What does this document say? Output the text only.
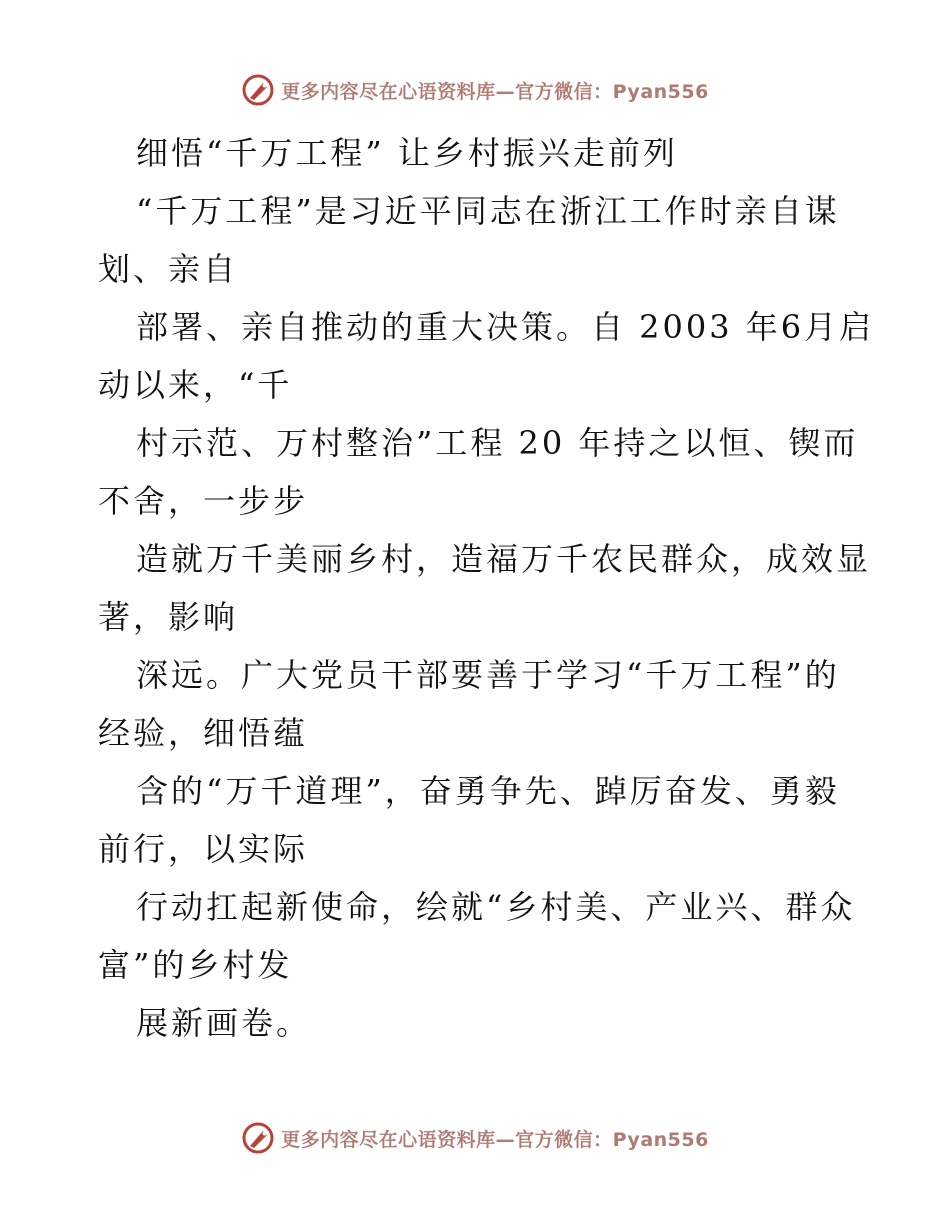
更多内容尽在心语资料库—官方微信：Pyan556
细悟“千万工程” 让乡村振兴走前列
“千万工程”是习近平同志在浙江工作时亲自谋
划、亲自
部署、亲自推动的重大决策。自 2003 年6月启
动以来，“千
村示范、万村整治”工程 20 年持之以恒、锲而
不舍，一步步
造就万千美丽乡村，造福万千农民群众，成效显
著，影响
深远。广大党员干部要善于学习“千万工程”的
经验，细悟蕴
含的“万千道理”，奋勇争先、踔厉奋发、勇毅
前行，以实际
行动扛起新使命，绘就“乡村美、产业兴、群众
富”的乡村发
展新画卷。
更多内容尽在心语资料库—官方微信：Pyan556
